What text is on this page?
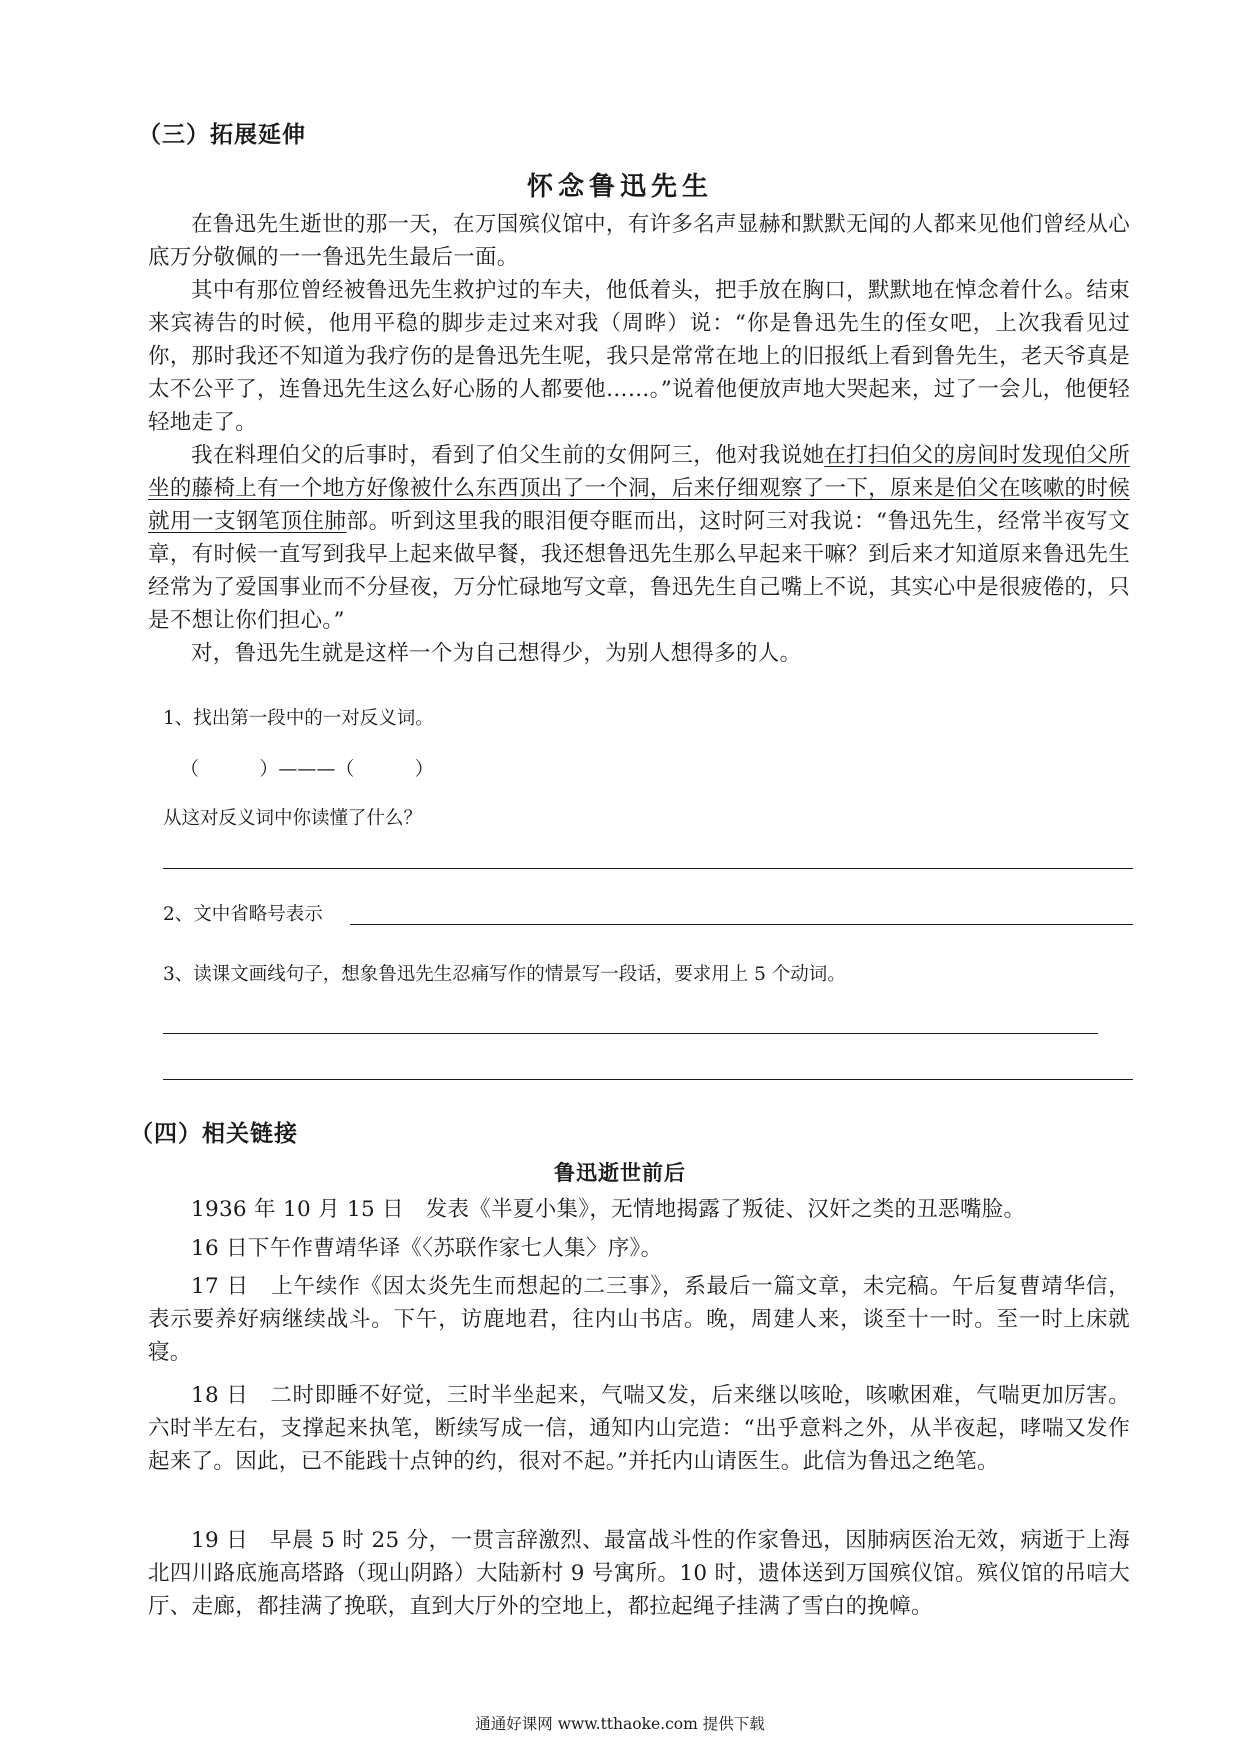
（三）拓展延伸
怀念鲁迅先生

在鲁迅先生逝世的那一天，在万国殡仪馆中，有许多名声显赫和默默无闻的人都来见他们曾经从心底万分敬佩的一一鲁迅先生最后一面。

其中有那位曾经被鲁迅先生救护过的车夫，他低着头，把手放在胸口，默默地在悼念着什么。结束来宾祷告的时候，他用平稳的脚步走过来对我（周晔）说：“你是鲁迅先生的侄女吧，上次我看见过你，那时我还不知道为我疗伤的是鲁迅先生呢，我只是常常在地上的旧报纸上看到鲁先生，老天爷真是太不公平了，连鲁迅先生这么好心肠的人都要他……。”说着他便放声地大哭起来，过了一会儿，他便轻轻地走了。

我在料理伯父的后事时，看到了伯父生前的女佣阿三，他对我说她在打扫伯父的房间时发现伯父所坐的藤椅上有一个地方好像被什么东西顶出了一个洞，后来仔细观察了一下，原来是伯父在咳嗽的时候就用一支钢笔顶住肺部。听到这里我的眼泪便夺眶而出，这时阿三对我说：“鲁迅先生，经常半夜写文章，有时候一直写到我早上起来做早餐，我还想鲁迅先生那么早起来干嘛？到后来才知道原来鲁迅先生经常为了爱国事业而不分昼夜，万分忙碌地写文章，鲁迅先生自己嘴上不说，其实心中是很疲倦的，只是不想让你们担心。”

对，鲁迅先生就是这样一个为自己想得少，为别人想得多的人。

1、找出第一段中的一对反义词。
（          ）———（          ）
从这对反义词中你读懂了什么？
2、文中省略号表示
3、读课文画线句子，想象鲁迅先生忍痛写作的情景写一段话，要求用上 5 个动词。
（四）相关链接
鲁迅逝世前后

1936 年 10 月 15 日　发表《半夏小集》，无情地揭露了叛徒、汉奸之类的丑恶嘴脸。

16 日下午作曹靖华译《〈苏联作家七人集〉序》。

17 日　上午续作《因太炎先生而想起的二三事》，系最后一篇文章，未完稿。午后复曹靖华信，表示要养好病继续战斗。下午，访鹿地君，往内山书店。晚，周建人来，谈至十一时。至一时上床就寝。

18 日　二时即睡不好觉，三时半坐起来，气喘又发，后来继以咳呛，咳嗽困难，气喘更加厉害。六时半左右，支撑起来执笔，断续写成一信，通知内山完造：“出乎意料之外，从半夜起，哮喘又发作起来了。因此，已不能践十点钟的约，很对不起。”并托内山请医生。此信为鲁迅之绝笔。

19 日　早晨 5 时 25 分，一贯言辞激烈、最富战斗性的作家鲁迅，因肺病医治无效，病逝于上海北四川路底施高塔路（现山阴路）大陆新村 9 号寓所。10 时，遗体送到万国殡仪馆。殡仪馆的吊唁大厅、走廊，都挂满了挽联，直到大厅外的空地上，都拉起绳子挂满了雪白的挽幛。

通通好课网 www.tthaoke.com 提供下载
